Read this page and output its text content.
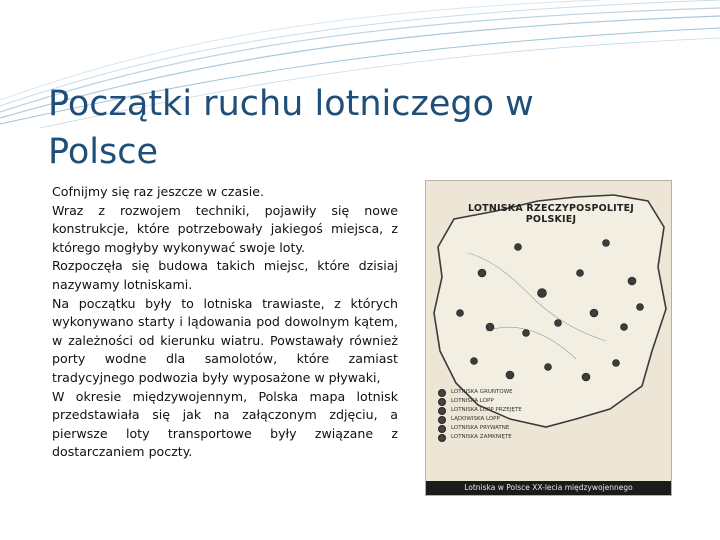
Początki ruchu lotniczego w Polsce

Cofnijmy się raz jeszcze w czasie.

Wraz z rozwojem techniki, pojawiły się nowe konstrukcje, które potrzebowały jakiegoś miejsca, z którego mogłyby wykonywać swoje loty.

Rozpoczęła się budowa takich miejsc, które dzisiaj nazywamy lotniskami.

Na początku były to lotniska trawiaste, z których wykonywano starty i lądowania pod dowolnym kątem, w zależności od kierunku wiatru. Powstawały również porty wodne dla samolotów, które zamiast tradycyjnego podwozia były wyposażone w pływaki,

W okresie międzywojennym, Polska mapa lotnisk przedstawiała się jak na załączonym zdjęciu, a pierwsze loty transportowe były związane z dostarczaniem poczty.

LOTNISKA RZECZYPOSPOLITEJ POLSKIEJ
LOTNISKA GRUNTOWE
LOTNISKA LOPP
LOTNISKA LOPP PRZEJĘTE
LĄDOWISKA LOPP
LOTNISKA PRYWATNE
LOTNISKA ZAMKNIĘTE
Lotniska w Polsce XX-lecia międzywojennego
